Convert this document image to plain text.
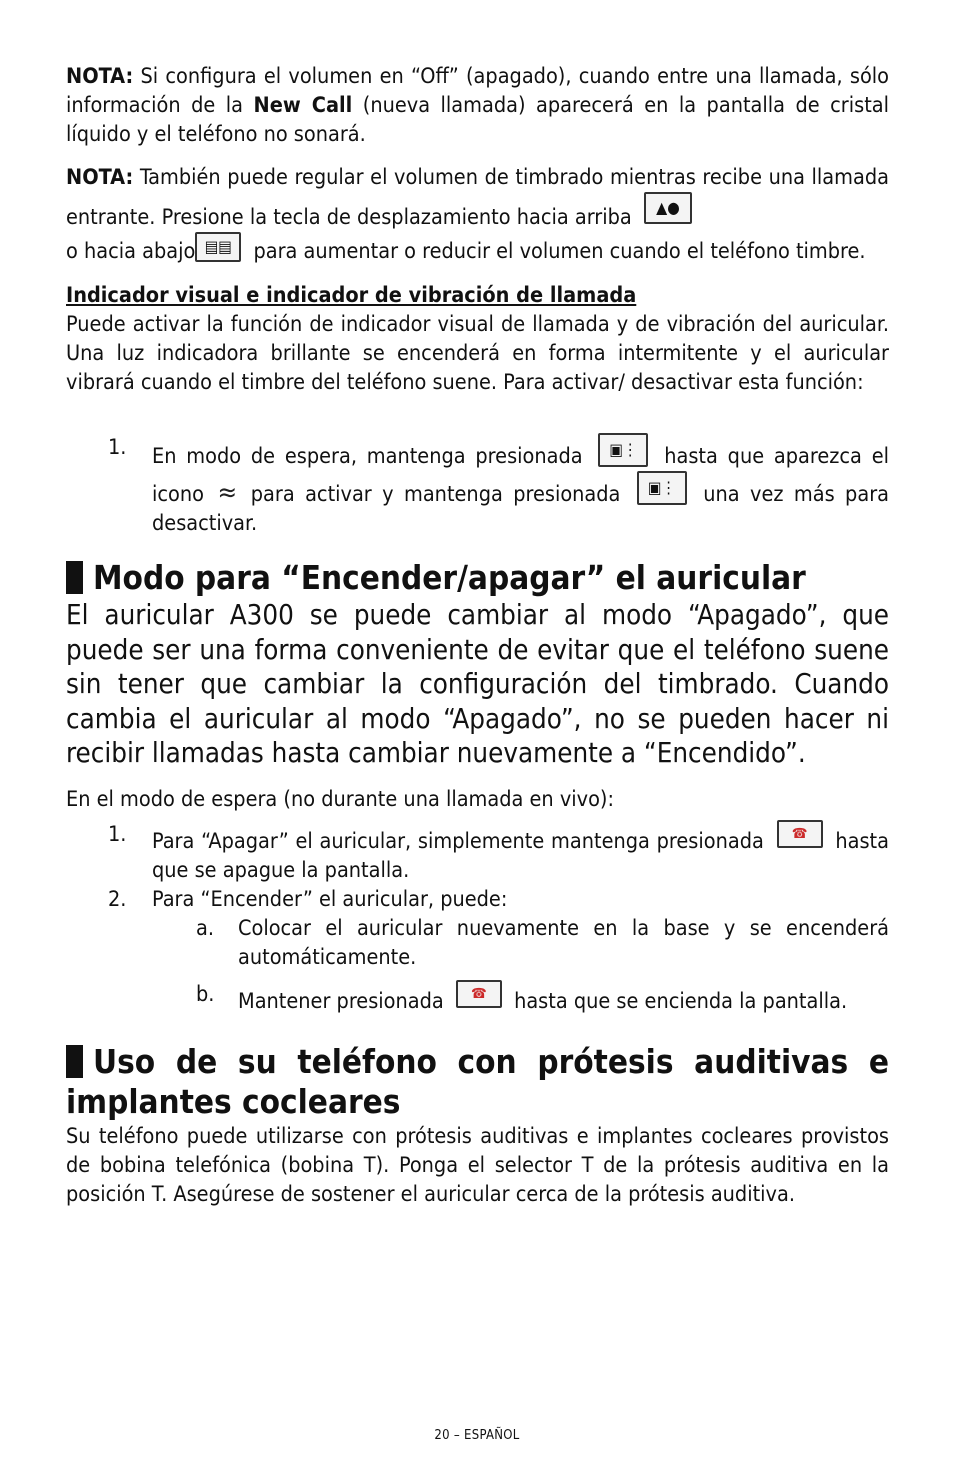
NOTA: Si configura el volumen en “Off” (apagado), cuando entre una llamada, sólo información de la New Call (nueva llamada) aparecerá en la pantalla de cristal líquido y el teléfono no sonará.

NOTA: También puede regular el volumen de timbrado mientras recibe una llamada entrante. Presione la tecla de desplazamiento hacia arriba	▲●

o hacia abajo ▤▤ para aumentar o reducir el volumen cuando el teléfono timbre.

Indicador visual e indicador de vibración de llamada

Puede activar la función de indicador visual de llamada y de vibración del auricular. Una luz indicadora brillante se encenderá en forma intermitente y el auricular vibrará cuando el timbre del teléfono suene. Para activar/ desactivar esta función:

1. En modo de espera, mantenga presionada	▣⋮	hasta que aparezca el icono ≈ para activar y mantenga presionada	▣⋮	una vez más para desactivar.
Modo para “Encender/apagar” el auricular

El auricular A300 se puede cambiar al modo “Apagado”, que puede ser una forma conveniente de evitar que el teléfono suene sin tener que cambiar la configuración del timbrado. Cuando cambia el auricular al modo “Apagado”, no se pueden hacer ni recibir llamadas hasta cambiar nuevamente a “Encendido”.

En el modo de espera (no durante una llamada en vivo):

1. Para “Apagar” el auricular, simplemente mantenga presionada	☎	hasta que se apague la pantalla.
2. Para “Encender” el auricular, puede:
a. Colocar el auricular nuevamente en la base y se encenderá automáticamente.
b. Mantener presionada	☎	hasta que se encienda la pantalla.
Uso de su teléfono con prótesis auditivas e implantes cocleares

Su teléfono puede utilizarse con prótesis auditivas e implantes cocleares provistos de bobina telefónica (bobina T). Ponga el selector T de la prótesis auditiva en la posición T. Asegúrese de sostener el auricular cerca de la prótesis auditiva.

20 – ESPAÑOL
